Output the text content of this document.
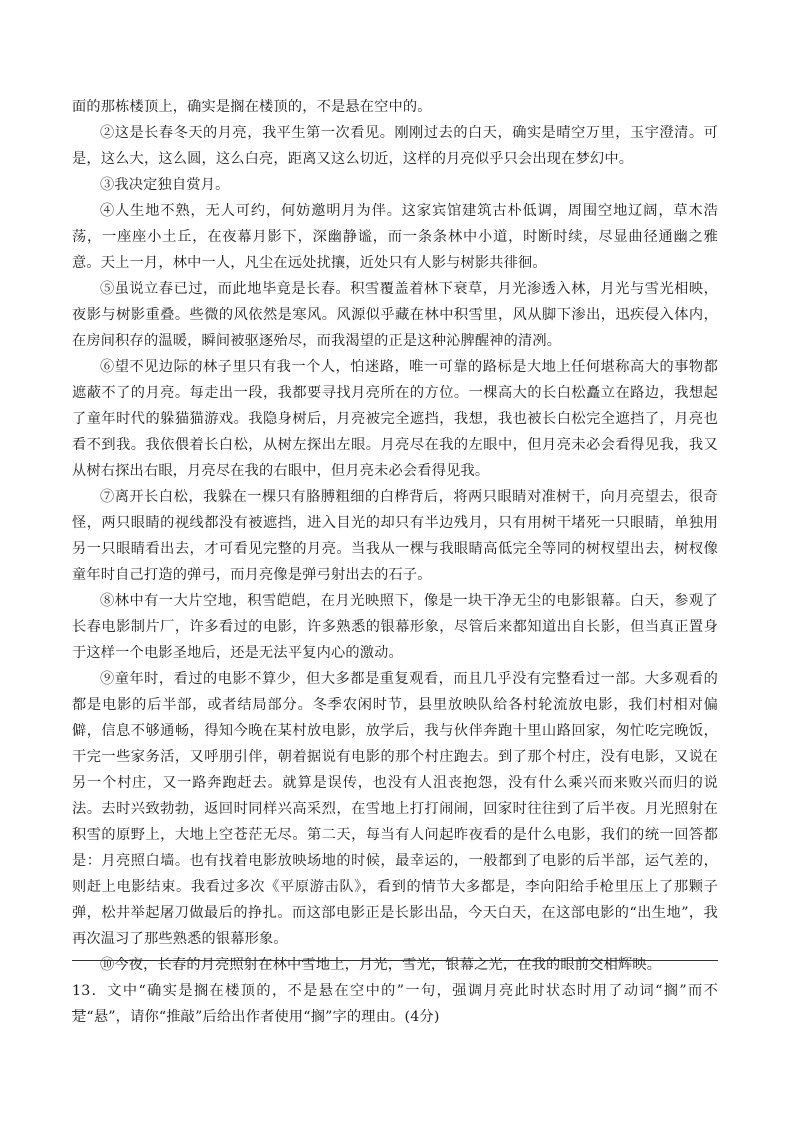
面的那栋楼顶上，确实是搁在楼顶的，不是悬在空中的。

②这是长春冬天的月亮，我平生第一次看见。刚刚过去的白天，确实是晴空万里，玉宇澄清。可是，这么大，这么圆，这么白亮，距离又这么切近，这样的月亮似乎只会出现在梦幻中。

③我决定独自赏月。

④人生地不熟，无人可约，何妨邀明月为伴。这家宾馆建筑古朴低调，周围空地辽阔，草木浩荡，一座座小土丘，在夜幕月影下，深幽静谧，而一条条林中小道，时断时续，尽显曲径通幽之雅意。天上一月，林中一人，凡尘在远处扰攘，近处只有人影与树影共徘徊。

⑤虽说立春已过，而此地毕竟是长春。积雪覆盖着林下衰草，月光渗透入林，月光与雪光相映，夜影与树影重叠。些微的风依然是寒风。风源似乎藏在林中积雪里，风从脚下渗出，迅疾侵入体内，在房间积存的温暖，瞬间被驱逐殆尽，而我渴望的正是这种沁脾醒神的清冽。

⑥望不见边际的林子里只有我一个人，怕迷路，唯一可靠的路标是大地上任何堪称高大的事物都遮蔽不了的月亮。每走出一段，我都要寻找月亮所在的方位。一棵高大的长白松矗立在路边，我想起了童年时代的躲猫猫游戏。我隐身树后，月亮被完全遮挡，我想，我也被长白松完全遮挡了，月亮也看不到我。我依偎着长白松，从树左探出左眼。月亮尽在我的左眼中，但月亮未必会看得见我，我又从树右探出右眼，月亮尽在我的右眼中，但月亮未必会看得见我。

⑦离开长白松，我躲在一棵只有胳膊粗细的白桦背后，将两只眼睛对准树干，向月亮望去，很奇怪，两只眼睛的视线都没有被遮挡，进入目光的却只有半边残月，只有用树干堵死一只眼睛，单独用另一只眼睛看出去，才可看见完整的月亮。当我从一棵与我眼睛高低完全等同的树杈望出去，树杈像童年时自己打造的弹弓，而月亮像是弹弓射出去的石子。

⑧林中有一大片空地，积雪皑皑，在月光映照下，像是一块干净无尘的电影银幕。白天，参观了长春电影制片厂，许多看过的电影，许多熟悉的银幕形象，尽管后来都知道出自长影，但当真正置身于这样一个电影圣地后，还是无法平复内心的激动。

⑨童年时，看过的电影不算少，但大多都是重复观看，而且几乎没有完整看过一部。大多观看的都是电影的后半部，或者结局部分。冬季农闲时节，县里放映队给各村轮流放电影，我们村相对偏僻，信息不够通畅，得知今晚在某村放电影，放学后，我与伙伴奔跑十里山路回家，匆忙吃完晚饭，干完一些家务活，又呼朋引伴，朝着据说有电影的那个村庄跑去。到了那个村庄，没有电影，又说在另一个村庄，又一路奔跑赶去。就算是误传，也没有人沮丧抱怨，没有什么乘兴而来败兴而归的说法。去时兴致勃勃，返回时同样兴高采烈，在雪地上打打闹闹，回家时往往到了后半夜。月光照射在积雪的原野上，大地上空苍茫无尽。第二天，每当有人问起昨夜看的是什么电影，我们的统一回答都是：月亮照白墙。也有找着电影放映场地的时候，最幸运的，一般都到了电影的后半部，运气差的，则赶上电影结束。我看过多次《平原游击队》，看到的情节大多都是，李向阳给手枪里压上了那颗子弹，松井举起屠刀做最后的挣扎。而这部电影正是长影出品，今天白天，在这部电影的“出生地”，我再次温习了那些熟悉的银幕形象。

⑩今夜，长春的月亮照射在林中雪地上，月光，雪光，银幕之光，在我的眼前交相辉映。

13．文中“确实是搁在楼顶的，不是悬在空中的”一句，强调月亮此时状态时用了动词“搁”而不是“悬”，请你“推敲”后给出作者使用“搁”字的理由。(4分)
